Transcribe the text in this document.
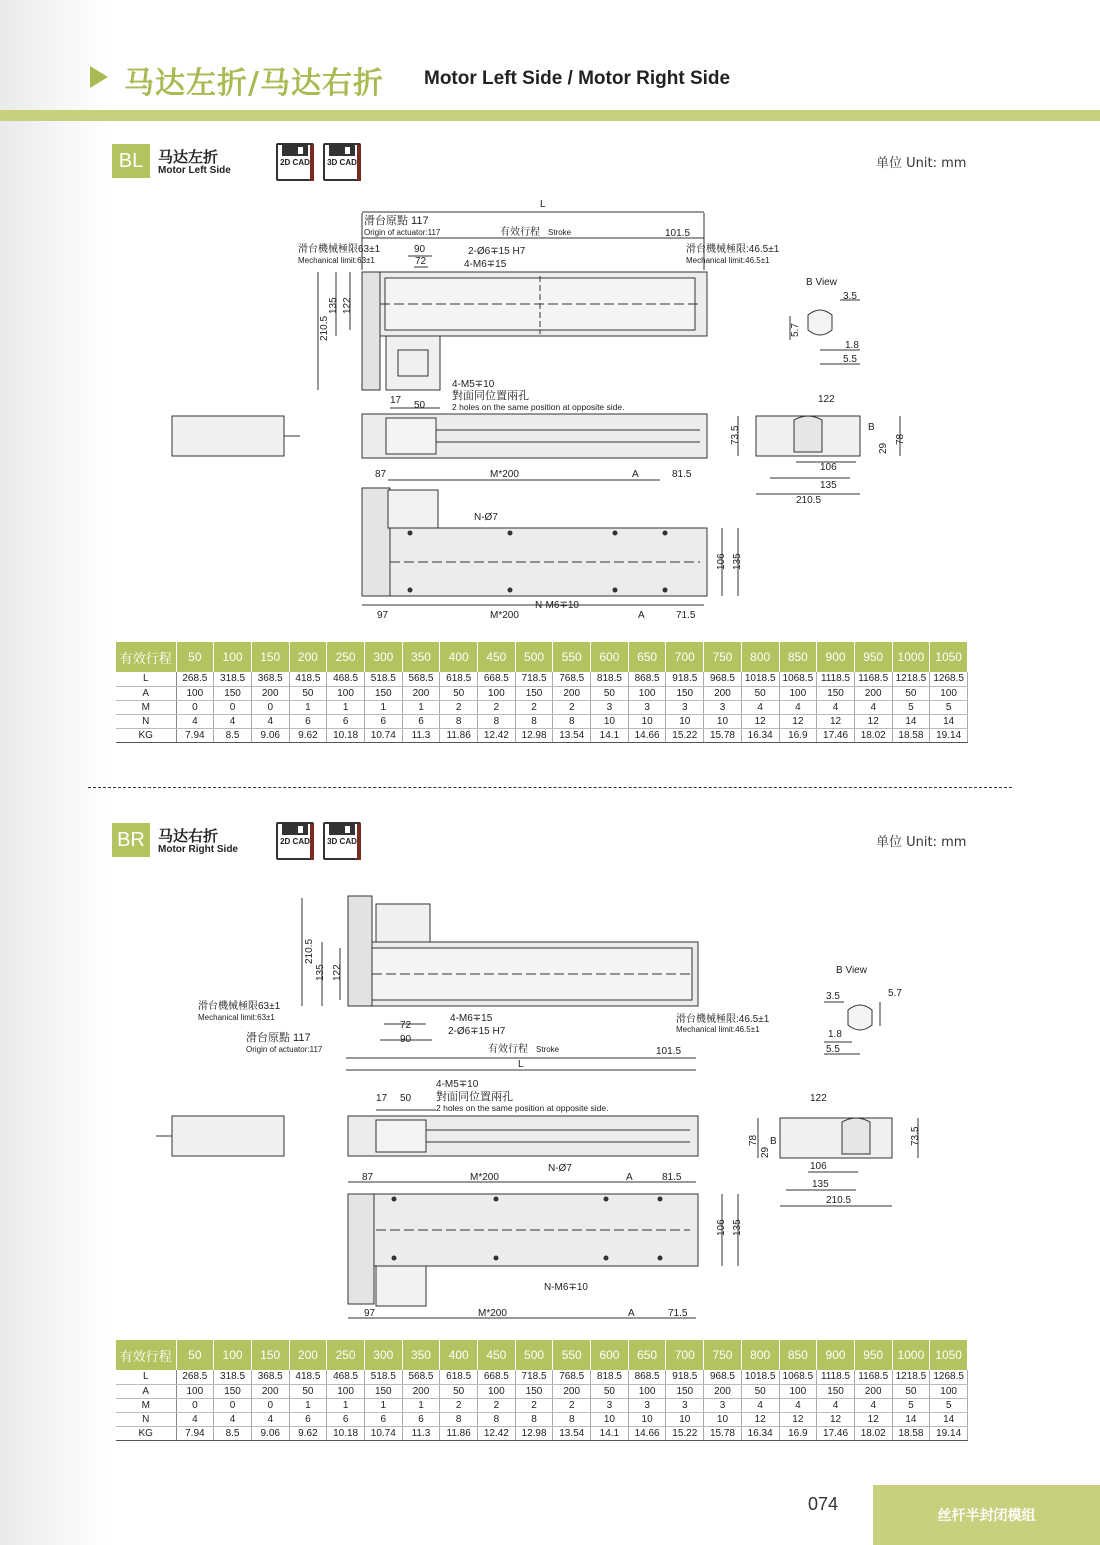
马达左折/马达右折 Motor Left Side / Motor Right Side
BL 马达左折
Motor Left Side
2D CAD 3D CAD	单位 Unit: mm
L
滑台原點 117
Origin of actuator:117	有效行程 Stroke	101.5
滑台機械極限63±1
Mechanical limit:63±1
90
72
2-Ø6∓15 H7
4-M6∓15
滑台機械極限:46.5±1
Mechanical limit:46.5±1
B View
3.5
5.7
1.8
5.5
210.5
135 122
4-M5∓10
對面同位置兩孔
2 holes on the same position at opposite side.
17 50
122
73.5	78
29
B
106
135
210.5
87	M*200	A	81.5
N-Ø7
N-M6∓10
106 135
97	M*200	A	71.5
有效行程	50	100	150	200	250	300	350	400	450	500	550	600	650	700	750	800	850	900	950	1000	1050
L	268.5	318.5	368.5	418.5	468.5	518.5	568.5	618.5	668.5	718.5	768.5	818.5	868.5	918.5	968.5	1018.5	1068.5	1118.5	1168.5	1218.5	1268.5
A	100	150	200	50	100	150	200	50	100	150	200	50	100	150	200	50	100	150	200	50	100
M	0	0	0	1	1	1	1	2	2	2	2	3	3	3	3	4	4	4	4	5	5
N	4	4	4	6	6	6	6	8	8	8	8	10	10	10	10	12	12	12	12	14	14
KG	7.94	8.5	9.06	9.62	10.18	10.74	11.3	11.86	12.42	12.98	13.54	14.1	14.66	15.22	15.78	16.34	16.9	17.46	18.02	18.58	19.14
BR 马达右折
Motor Right Side
2D CAD 3D CAD	单位 Unit: mm
210.5
135 122
滑台機械極限63±1
Mechanical limit:63±1	4-M6∓15
72
2-Ø6∓15 H7
90
滑台原點 117
Origin of actuator:117	有效行程 Stroke	101.5
L
滑台機械極限:46.5±1
Mechanical limit:46.5±1
B View
3.5	5.7
1.8
5.5
4-M5∓10
對面同位置兩孔
2 holes on the same position at opposite side.
17 50	122
B
78
29
73.5
106
135
210.5
N-Ø7
87	M*200	A	81.5
106 135
N-M6∓10
97	M*200	A	71.5
有效行程	50	100	150	200	250	300	350	400	450	500	550	600	650	700	750	800	850	900	950	1000	1050
L	268.5	318.5	368.5	418.5	468.5	518.5	568.5	618.5	668.5	718.5	768.5	818.5	868.5	918.5	968.5	1018.5	1068.5	1118.5	1168.5	1218.5	1268.5
A	100	150	200	50	100	150	200	50	100	150	200	50	100	150	200	50	100	150	200	50	100
M	0	0	0	1	1	1	1	2	2	2	2	3	3	3	3	4	4	4	4	5	5
N	4	4	4	6	6	6	6	8	8	8	8	10	10	10	10	12	12	12	12	14	14
KG	7.94	8.5	9.06	9.62	10.18	10.74	11.3	11.86	12.42	12.98	13.54	14.1	14.66	15.22	15.78	16.34	16.9	17.46	18.02	18.58	19.14
074
丝杆半封闭模组
